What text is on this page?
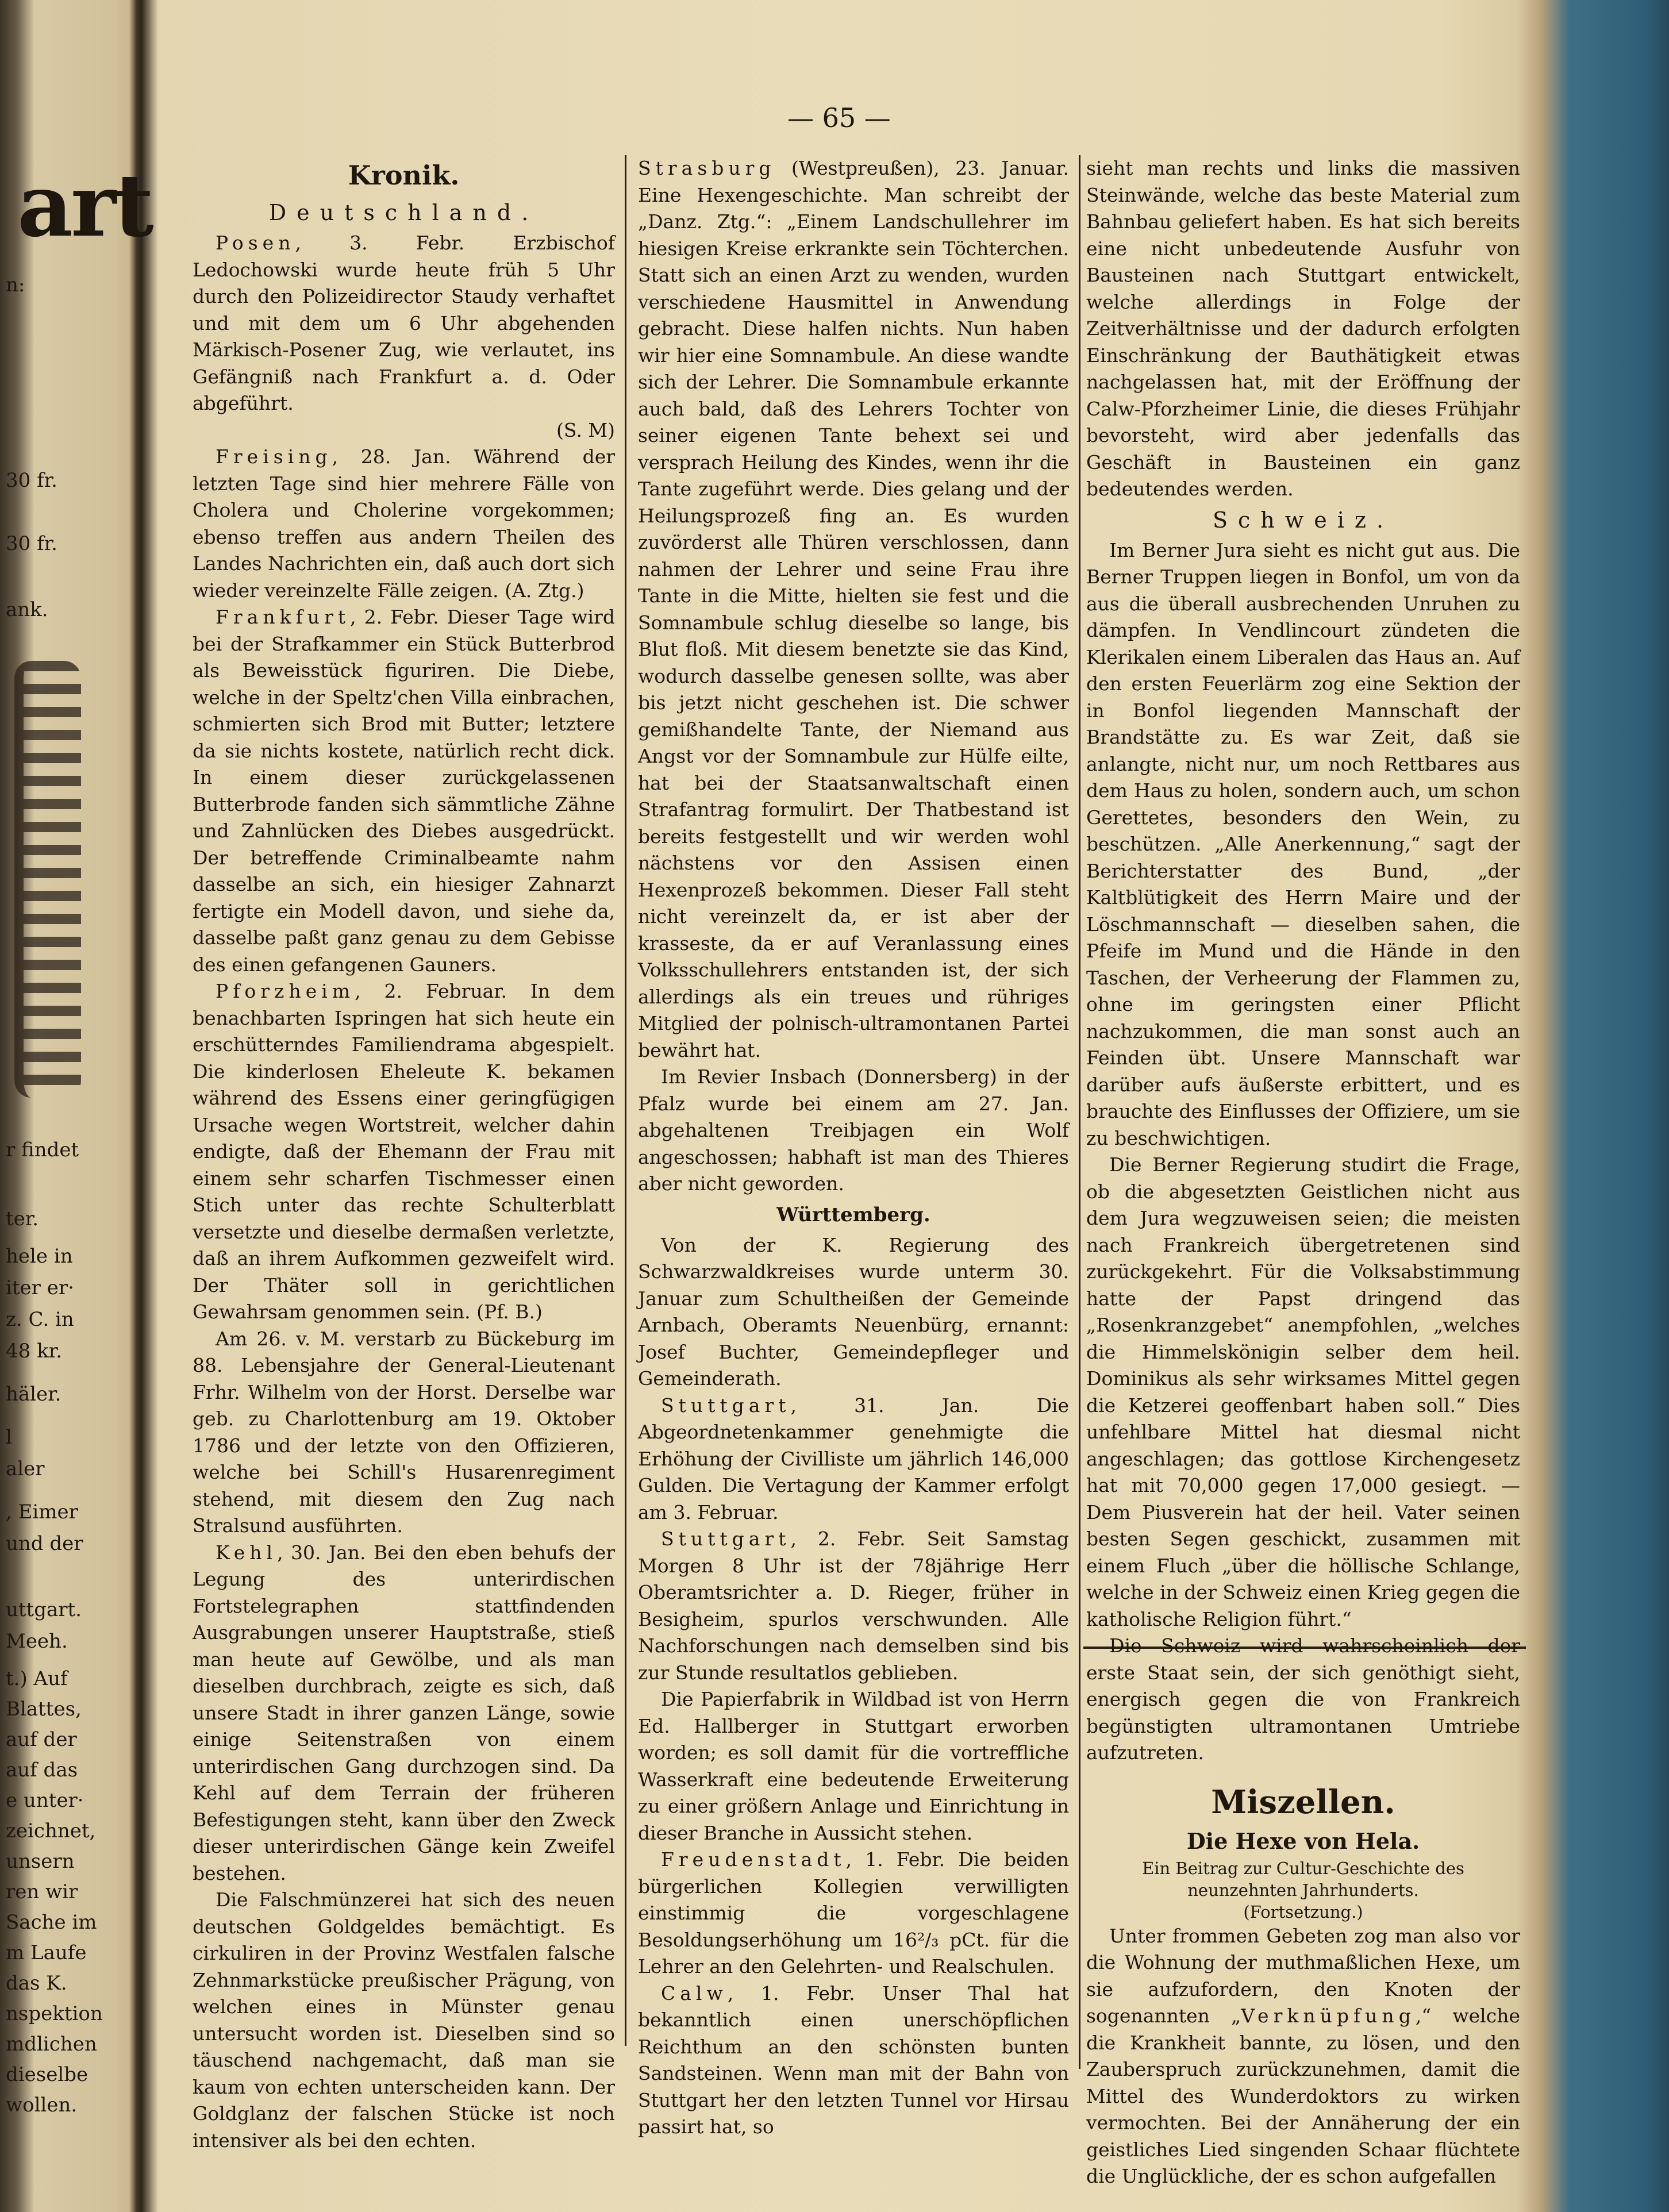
art
n:
30 fr.
30 fr.
ank.
r findet
ter.
hele in
iter er·
z. C. in
48 kr.
häler.
l
aler
, Eimer
und der
uttgart.
Meeh.
t.) Auf
Blattes,
auf der
auf das
e unter·
zeichnet,
unsern
ren wir
Sache im
m Laufe
das K.
nspektion
mdlichen
dieselbe
wollen.
— 65 —
Kronik.
Deutschland.

Posen, 3. Febr. Erzbischof Ledochowski wurde heute früh 5 Uhr durch den Polizeidirector Staudy verhaftet und mit dem um 6 Uhr abgehenden Märkisch-Posener Zug, wie verlautet, ins Gefängniß nach Frankfurt a. d. Oder abgeführt.

(S. M)

Freising, 28. Jan. Während der letzten Tage sind hier mehrere Fälle von Cholera und Cholerine vorgekommen; ebenso treffen aus andern Theilen des Landes Nachrichten ein, daß auch dort sich wieder vereinzelte Fälle zeigen. (A. Ztg.)

Frankfurt, 2. Febr. Dieser Tage wird bei der Strafkammer ein Stück Butterbrod als Beweisstück figuriren. Die Diebe, welche in der Speltz'chen Villa einbrachen, schmierten sich Brod mit Butter; letztere da sie nichts kostete, natürlich recht dick. In einem dieser zurückgelassenen Butterbrode fanden sich sämmtliche Zähne und Zahnlücken des Diebes ausgedrückt. Der betreffende Criminalbeamte nahm dasselbe an sich, ein hiesiger Zahnarzt fertigte ein Modell davon, und siehe da, dasselbe paßt ganz genau zu dem Gebisse des einen gefangenen Gauners.

Pforzheim, 2. Februar. In dem benachbarten Ispringen hat sich heute ein erschütterndes Familiendrama abgespielt. Die kinderlosen Eheleute K. bekamen während des Essens einer geringfügigen Ursache wegen Wortstreit, welcher dahin endigte, daß der Ehemann der Frau mit einem sehr scharfen Tischmesser einen Stich unter das rechte Schulterblatt versetzte und dieselbe dermaßen verletzte, daß an ihrem Aufkommen gezweifelt wird. Der Thäter soll in gerichtlichen Gewahrsam genommen sein. (Pf. B.)

Am 26. v. M. verstarb zu Bückeburg im 88. Lebensjahre der General-Lieutenant Frhr. Wilhelm von der Horst. Derselbe war geb. zu Charlottenburg am 19. Oktober 1786 und der letzte von den Offizieren, welche bei Schill's Husarenregiment stehend, mit diesem den Zug nach Stralsund ausführten.

Kehl, 30. Jan. Bei den eben behufs der Legung des unterirdischen Fortstelegraphen stattfindenden Ausgrabungen unserer Hauptstraße, stieß man heute auf Gewölbe, und als man dieselben durchbrach, zeigte es sich, daß unsere Stadt in ihrer ganzen Länge, sowie einige Seitenstraßen von einem unterirdischen Gang durchzogen sind. Da Kehl auf dem Terrain der früheren Befestigungen steht, kann über den Zweck dieser unterirdischen Gänge kein Zweifel bestehen.

Die Falschmünzerei hat sich des neuen deutschen Goldgeldes bemächtigt. Es cirkuliren in der Provinz Westfalen falsche Zehnmarkstücke preußischer Prägung, von welchen eines in Münster genau untersucht worden ist. Dieselben sind so täuschend nachgemacht, daß man sie kaum von echten unterscheiden kann. Der Goldglanz der falschen Stücke ist noch intensiver als bei den echten.

Strasburg (Westpreußen), 23. Januar. Eine Hexengeschichte. Man schreibt der „Danz. Ztg.“: „Einem Landschullehrer im hiesigen Kreise erkrankte sein Töchterchen. Statt sich an einen Arzt zu wenden, wurden verschiedene Hausmittel in Anwendung gebracht. Diese halfen nichts. Nun haben wir hier eine Somnambule. An diese wandte sich der Lehrer. Die Somnambule erkannte auch bald, daß des Lehrers Tochter von seiner eigenen Tante behext sei und versprach Heilung des Kindes, wenn ihr die Tante zugeführt werde. Dies gelang und der Heilungsprozeß fing an. Es wurden zuvörderst alle Thüren verschlossen, dann nahmen der Lehrer und seine Frau ihre Tante in die Mitte, hielten sie fest und die Somnambule schlug dieselbe so lange, bis Blut floß. Mit diesem benetzte sie das Kind, wodurch dasselbe genesen sollte, was aber bis jetzt nicht geschehen ist. Die schwer gemißhandelte Tante, der Niemand aus Angst vor der Somnambule zur Hülfe eilte, hat bei der Staatsanwaltschaft einen Strafantrag formulirt. Der Thatbestand ist bereits festgestellt und wir werden wohl nächstens vor den Assisen einen Hexenprozeß bekommen. Dieser Fall steht nicht vereinzelt da, er ist aber der krasseste, da er auf Veranlassung eines Volksschullehrers entstanden ist, der sich allerdings als ein treues und rühriges Mitglied der polnisch-ultramontanen Partei bewährt hat.

Im Revier Insbach (Donnersberg) in der Pfalz wurde bei einem am 27. Jan. abgehaltenen Treibjagen ein Wolf angeschossen; habhaft ist man des Thieres aber nicht geworden.

Württemberg.

Von der K. Regierung des Schwarzwaldkreises wurde unterm 30. Januar zum Schultheißen der Gemeinde Arnbach, Oberamts Neuenbürg, ernannt: Josef Buchter, Gemeindepfleger und Gemeinderath.

Stuttgart, 31. Jan. Die Abgeordnetenkammer genehmigte die Erhöhung der Civilliste um jährlich 146,000 Gulden. Die Vertagung der Kammer erfolgt am 3. Februar.

Stuttgart, 2. Febr. Seit Samstag Morgen 8 Uhr ist der 78jährige Herr Oberamtsrichter a. D. Rieger, früher in Besigheim, spurlos verschwunden. Alle Nachforschungen nach demselben sind bis zur Stunde resultatlos geblieben.

Die Papierfabrik in Wildbad ist von Herrn Ed. Hallberger in Stuttgart erworben worden; es soll damit für die vortreffliche Wasserkraft eine bedeutende Erweiterung zu einer größern Anlage und Einrichtung in dieser Branche in Aussicht stehen.

Freudenstadt, 1. Febr. Die beiden bürgerlichen Kollegien verwilligten einstimmig die vorgeschlagene Besoldungserhöhung um 16²/₃ pCt. für die Lehrer an den Gelehrten- und Realschulen.

Calw, 1. Febr. Unser Thal hat bekanntlich einen unerschöpflichen Reichthum an den schönsten bunten Sandsteinen. Wenn man mit der Bahn von Stuttgart her den letzten Tunnel vor Hirsau passirt hat, so

sieht man rechts und links die massiven Steinwände, welche das beste Material zum Bahnbau geliefert haben. Es hat sich bereits eine nicht unbedeutende Ausfuhr von Bausteinen nach Stuttgart entwickelt, welche allerdings in Folge der Zeitverhältnisse und der dadurch erfolgten Einschränkung der Bauthätigkeit etwas nachgelassen hat, mit der Eröffnung der Calw-Pforzheimer Linie, die dieses Frühjahr bevorsteht, wird aber jedenfalls das Geschäft in Bausteinen ein ganz bedeutendes werden.

Schweiz.

Im Berner Jura sieht es nicht gut aus. Die Berner Truppen liegen in Bonfol, um von da aus die überall ausbrechenden Unruhen zu dämpfen. In Vendlincourt zündeten die Klerikalen einem Liberalen das Haus an. Auf den ersten Feuerlärm zog eine Sektion der in Bonfol liegenden Mannschaft der Brandstätte zu. Es war Zeit, daß sie anlangte, nicht nur, um noch Rettbares aus dem Haus zu holen, sondern auch, um schon Gerettetes, besonders den Wein, zu beschützen. „Alle Anerkennung,“ sagt der Berichterstatter des Bund, „der Kaltblütigkeit des Herrn Maire und der Löschmannschaft — dieselben sahen, die Pfeife im Mund und die Hände in den Taschen, der Verheerung der Flammen zu, ohne im geringsten einer Pflicht nachzukommen, die man sonst auch an Feinden übt. Unsere Mannschaft war darüber aufs äußerste erbittert, und es brauchte des Einflusses der Offiziere, um sie zu beschwichtigen.

Die Berner Regierung studirt die Frage, ob die abgesetzten Geistlichen nicht aus dem Jura wegzuweisen seien; die meisten nach Frankreich übergetretenen sind zurückgekehrt. Für die Volksabstimmung hatte der Papst dringend das „Rosenkranzgebet“ anempfohlen, „welches die Himmelskönigin selber dem heil. Dominikus als sehr wirksames Mittel gegen die Ketzerei geoffenbart haben soll.“ Dies unfehlbare Mittel hat diesmal nicht angeschlagen; das gottlose Kirchengesetz hat mit 70,000 gegen 17,000 gesiegt. — Dem Piusverein hat der heil. Vater seinen besten Segen geschickt, zusammen mit einem Fluch „über die höllische Schlange, welche in der Schweiz einen Krieg gegen die katholische Religion führt.“

Die Schweiz wird wahrscheinlich der erste Staat sein, der sich genöthigt sieht, energisch gegen die von Frankreich begünstigten ultramontanen Umtriebe aufzutreten.

Miszellen.
Die Hexe von Hela.
Ein Beitrag zur Cultur-Geschichte des neunzehnten Jahrhunderts.
(Fortsetzung.)

Unter frommen Gebeten zog man also vor die Wohnung der muthmaßlichen Hexe, um sie aufzufordern, den Knoten der sogenannten „Verknüpfung,“ welche die Krankheit bannte, zu lösen, und den Zauberspruch zurückzunehmen, damit die Mittel des Wunderdoktors zu wirken vermochten. Bei der Annäherung der ein geistliches Lied singenden Schaar flüchtete die Unglückliche, der es schon aufgefallen
